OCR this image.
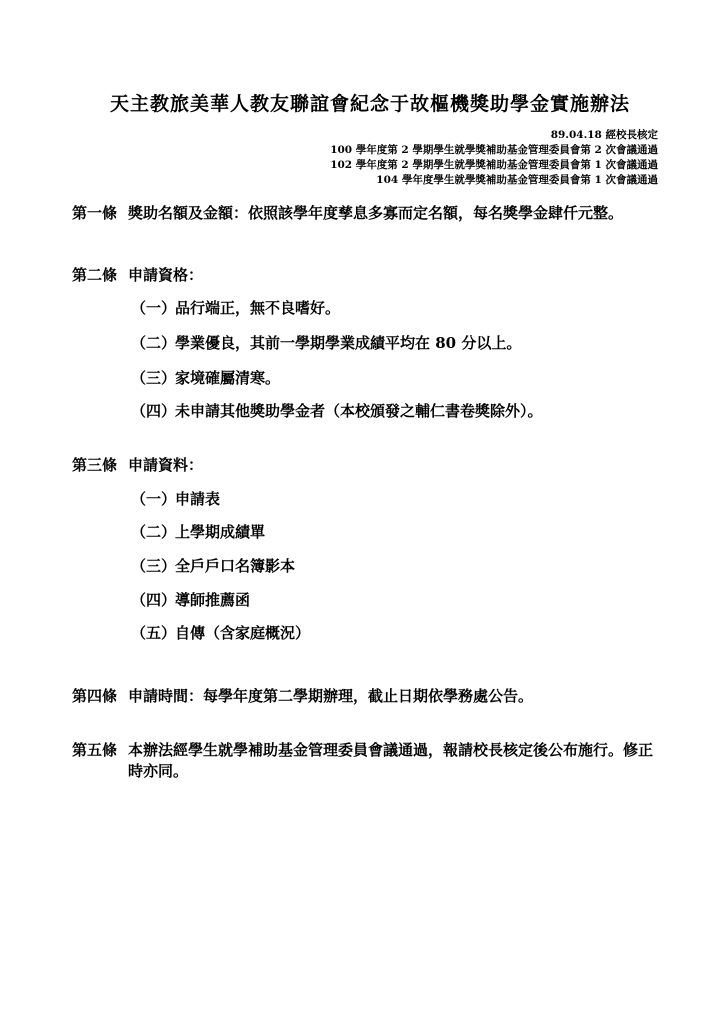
天主教旅美華人教友聯誼會紀念于故樞機獎助學金實施辦法
89.04.18 經校長核定
100 學年度第 2 學期學生就學獎補助基金管理委員會第 2 次會議通過
102 學年度第 2 學期學生就學獎補助基金管理委員會第 1 次會議通過
104 學年度學生就學獎補助基金管理委員會第 1 次會議通過
第一條 獎助名額及金額：依照該學年度孳息多寡而定名額，每名獎學金肆仟元整。
第二條 申請資格：
（一）品行端正，無不良嗜好。
（二）學業優良，其前一學期學業成績平均在 80 分以上。
（三）家境確屬清寒。
（四）未申請其他獎助學金者（本校頒發之輔仁書卷獎除外）。
第三條 申請資料：
（一）申請表
（二）上學期成績單
（三）全戶戶口名簿影本
（四）導師推薦函
（五）自傳（含家庭概況）
第四條 申請時間：每學年度第二學期辦理，截止日期依學務處公告。
第五條 本辦法經學生就學補助基金管理委員會議通過，報請校長核定後公布施行。修正時亦同。
